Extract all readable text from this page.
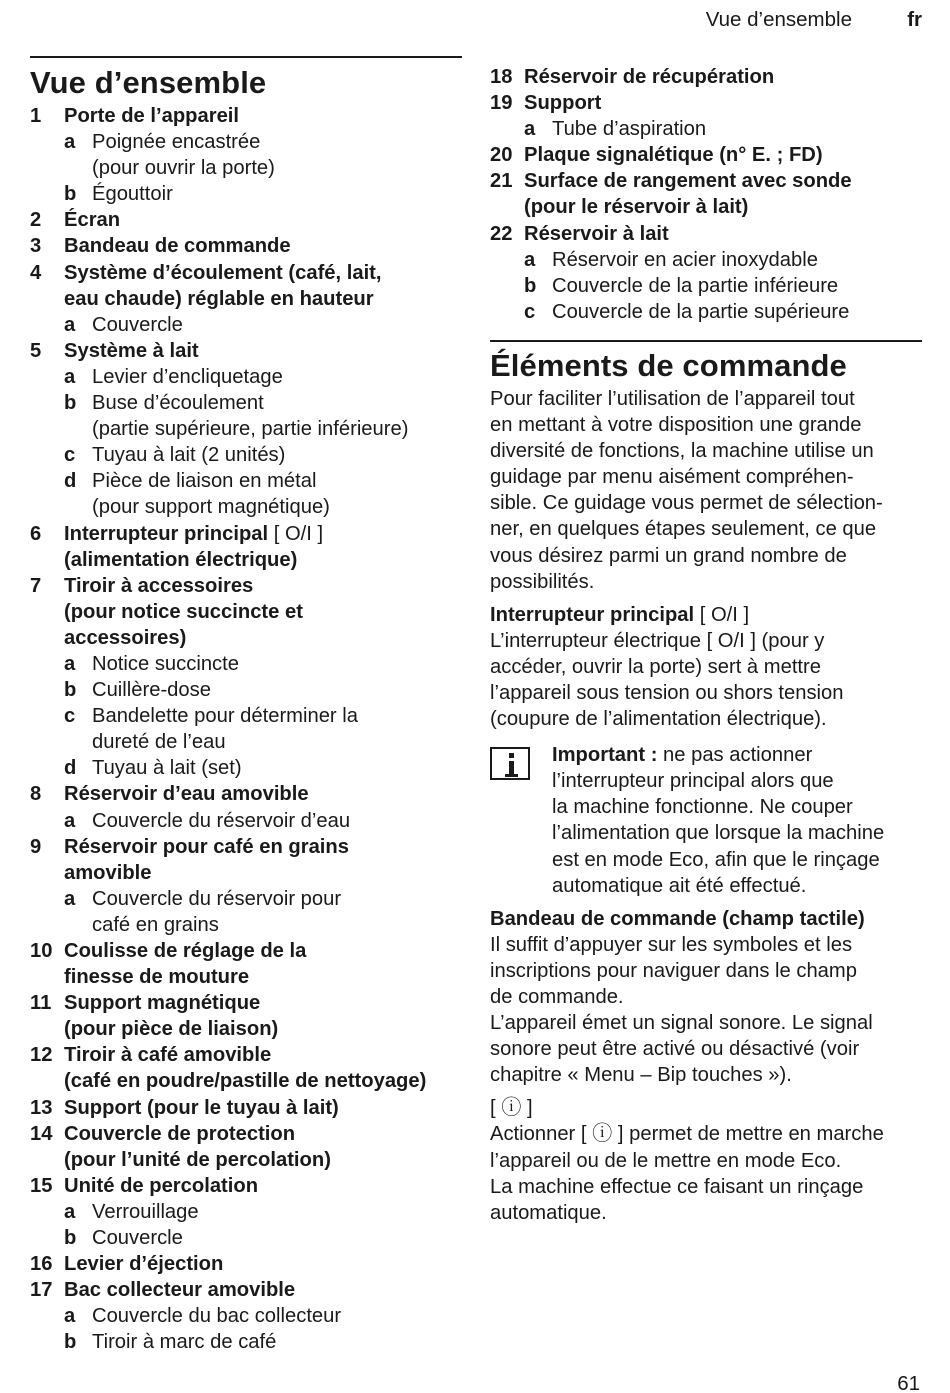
Vue d’ensemble	fr
Vue d’ensemble
1 Porte de l’appareil
a Poignée encastrée
(pour ouvrir la porte)
b Égouttoir
2 Écran
3 Bandeau de commande
4 Système d’écoulement (café, lait,
eau chaude) réglable en hauteur
a Couvercle
5 Système à lait
a Levier d’encliquetage
b Buse d’écoulement
(partie supérieure, partie inférieure)
c Tuyau à lait (2 unités)
d Pièce de liaison en métal
(pour support magnétique)
6 Interrupteur principal [ O/I ]
(alimentation électrique)
7 Tiroir à accessoires
(pour notice succincte et
accessoires)
a Notice succincte
b Cuillère-dose
c Bandelette pour déterminer la
dureté de l’eau
d Tuyau à lait (set)
8 Réservoir d’eau amovible
a Couvercle du réservoir d’eau
9 Réservoir pour café en grains
amovible
a Couvercle du réservoir pour
café en grains
10 Coulisse de réglage de la
finesse de mouture
11 Support magnétique
(pour pièce de liaison)
12 Tiroir à café amovible
(café en poudre/pastille de nettoyage)
13 Support (pour le tuyau à lait)
14 Couvercle de protection
(pour l’unité de percolation)
15 Unité de percolation
a Verrouillage
b Couvercle
16 Levier d’éjection
17 Bac collecteur amovible
a Couvercle du bac collecteur
b Tiroir à marc de café
18 Réservoir de récupération
19 Support
a Tube d’aspiration
20 Plaque signalétique (n° E. ; FD)
21 Surface de rangement avec sonde
(pour le réservoir à lait)
22 Réservoir à lait
a Réservoir en acier inoxydable
b Couvercle de la partie inférieure
c Couvercle de la partie supérieure
Éléments de commande

Pour faciliter l’utilisation de l’appareil tout
en mettant à votre disposition une grande
diversité de fonctions, la machine utilise un
guidage par menu aisément compréhen-
sible. Ce guidage vous permet de sélection-
ner, en quelques étapes seulement, ce que
vous désirez parmi un grand nombre de
possibilités.

Interrupteur principal [ O/I ]

L’interrupteur électrique [ O/I ] (pour y
accéder, ouvrir la porte) sert à mettre
l’appareil sous tension ou shors tension
(coupure de l’alimentation électrique).

Important : ne pas actionner
l’interrupteur principal alors que
la machine fonctionne. Ne couper
l’alimentation que lorsque la machine
est en mode Eco, afin que le rinçage
automatique ait été effectué.

Bandeau de commande (champ tactile)

Il suffit d’appuyer sur les symboles et les
inscriptions pour naviguer dans le champ
de commande.
L’appareil émet un signal sonore. Le signal
sonore peut être activé ou désactivé (voir
chapitre « Menu – Bip touches »).

[ ⓘ ]

Actionner [ ⓘ ] permet de mettre en marche
l’appareil ou de le mettre en mode Eco.
La machine effectue ce faisant un rinçage
automatique.

61
